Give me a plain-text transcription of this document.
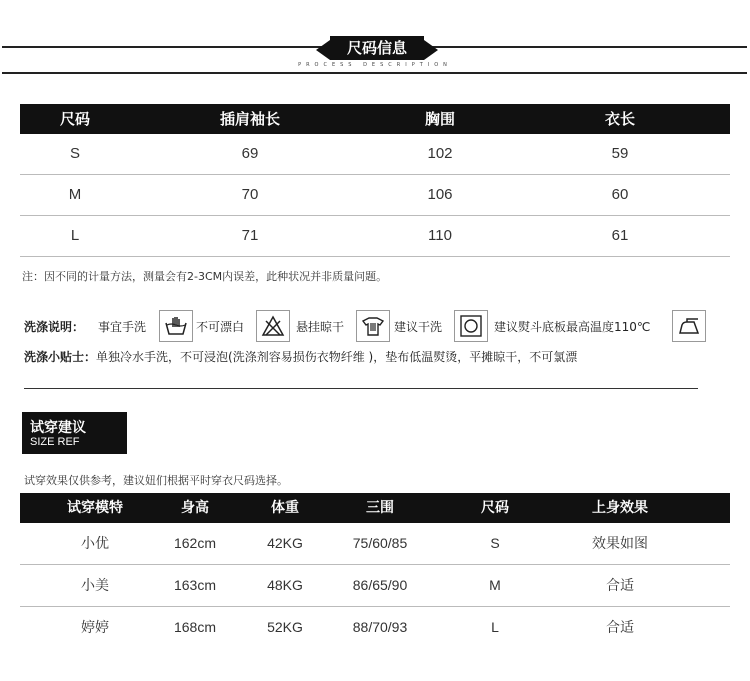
尺码信息
PROCESS DESCRIPTION
尺码	插肩袖长	胸围	衣长
S	69	102	59
M	70	106	60
L	71	110	61
注：因不同的计量方法，测量会有2-3CM内误差，此种状况并非质量问题。
洗涤说明： 事宜手洗	不可漂白	悬挂晾干	建议干洗	建议熨斗底板最高温度110℃
洗涤小贴士：单独冷水手洗，不可浸泡(洗涤剂容易损伤衣物纤维 )，垫布低温熨烫，平摊晾干，不可氯漂
试穿建议
SIZE REF
试穿效果仅供参考，建议妞们根据平时穿衣尺码选择。
试穿模特	身高	体重	三围	尺码	上身效果
小优	162cm	42KG	75/60/85	S	效果如图
小美	163cm	48KG	86/65/90	M	合适
婷婷	168cm	52KG	88/70/93	L	合适
